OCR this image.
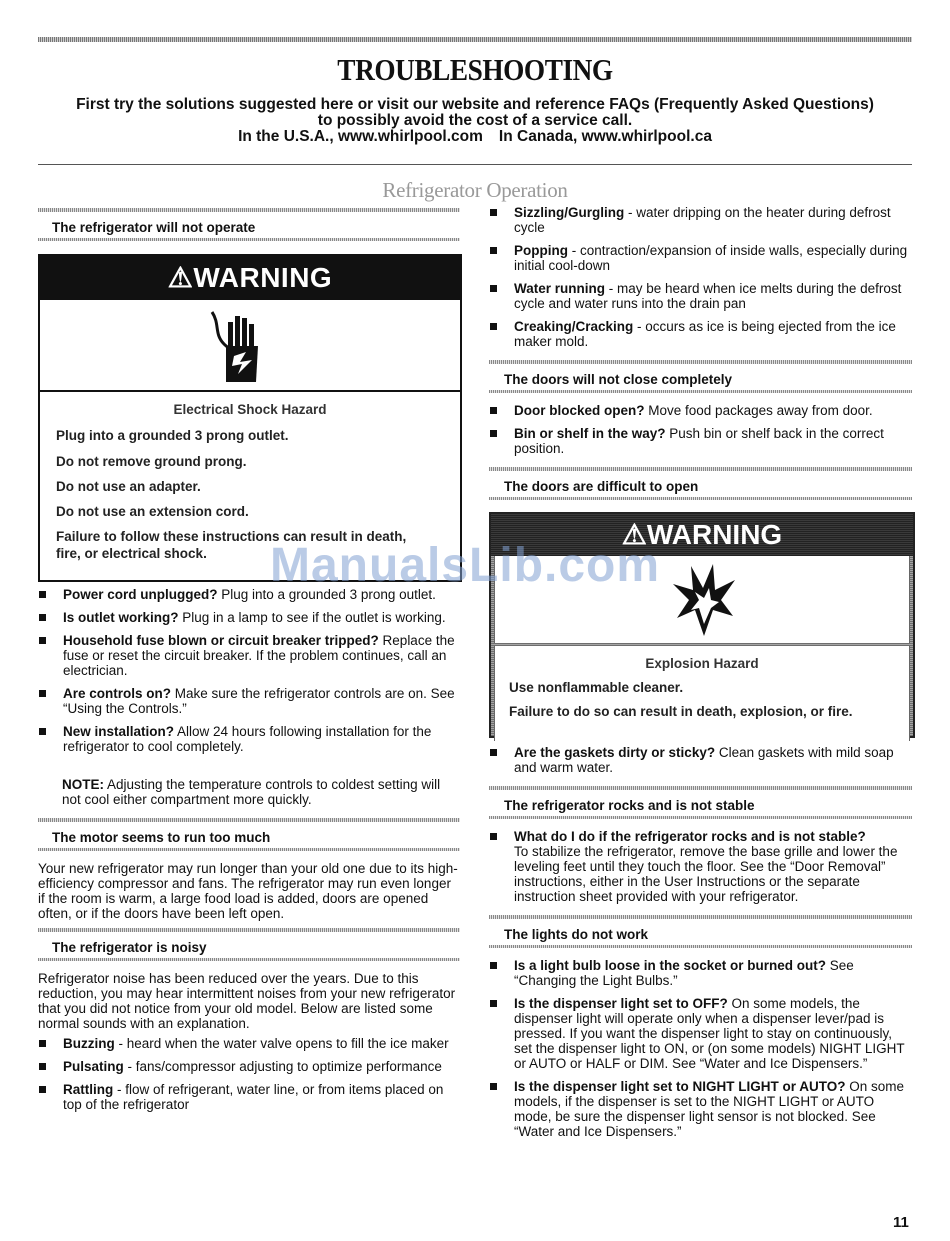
TROUBLESHOOTING
First try the solutions suggested here or visit our website and reference FAQs (Frequently Asked Questions)
to possibly avoid the cost of a service call.
In the U.S.A., www.whirlpool.com In Canada, www.whirlpool.ca
Refrigerator Operation
The refrigerator will not operate
⚠WARNING
Electrical Shock Hazard
Plug into a grounded 3 prong outlet.
Do not remove ground prong.
Do not use an adapter.
Do not use an extension cord.
Failure to follow these instructions can result in death,
fire, or electrical shock.
Power cord unplugged? Plug into a grounded 3 prong outlet.
Is outlet working? Plug in a lamp to see if the outlet is working.
Household fuse blown or circuit breaker tripped? Replace the fuse or reset the circuit breaker. If the problem continues, call an electrician.
Are controls on? Make sure the refrigerator controls are on. See “Using the Controls.”
New installation? Allow 24 hours following installation for the refrigerator to cool completely.
NOTE: Adjusting the temperature controls to coldest setting will not cool either compartment more quickly.
The motor seems to run too much
Your new refrigerator may run longer than your old one due to its high-efficiency compressor and fans. The refrigerator may run even longer if the room is warm, a large food load is added, doors are opened often, or if the doors have been left open.
The refrigerator is noisy
Refrigerator noise has been reduced over the years. Due to this reduction, you may hear intermittent noises from your new refrigerator that you did not notice from your old model. Below are listed some normal sounds with an explanation.
Buzzing - heard when the water valve opens to fill the ice maker
Pulsating - fans/compressor adjusting to optimize performance
Rattling - flow of refrigerant, water line, or from items placed on top of the refrigerator
Sizzling/Gurgling - water dripping on the heater during defrost cycle
Popping - contraction/expansion of inside walls, especially during initial cool-down
Water running - may be heard when ice melts during the defrost cycle and water runs into the drain pan
Creaking/Cracking - occurs as ice is being ejected from the ice maker mold.
The doors will not close completely
Door blocked open? Move food packages away from door.
Bin or shelf in the way? Push bin or shelf back in the correct position.
The doors are difficult to open
⚠WARNING
Explosion Hazard
Use nonflammable cleaner.
Failure to do so can result in death, explosion, or fire.
Are the gaskets dirty or sticky? Clean gaskets with mild soap and warm water.
The refrigerator rocks and is not stable
What do I do if the refrigerator rocks and is not stable?
To stabilize the refrigerator, remove the base grille and lower the leveling feet until they touch the floor. See the “Door Removal” instructions, either in the User Instructions or the separate instruction sheet provided with your refrigerator.
The lights do not work
Is a light bulb loose in the socket or burned out? See “Changing the Light Bulbs.”
Is the dispenser light set to OFF? On some models, the dispenser light will operate only when a dispenser lever/pad is pressed. If you want the dispenser light to stay on continuously, set the dispenser light to ON, or (on some models) NIGHT LIGHT or AUTO or HALF or DIM. See “Water and Ice Dispensers.”
Is the dispenser light set to NIGHT LIGHT or AUTO? On some models, if the dispenser is set to the NIGHT LIGHT or AUTO mode, be sure the dispenser light sensor is not blocked. See “Water and Ice Dispensers.”
ManualsLib.com
11
